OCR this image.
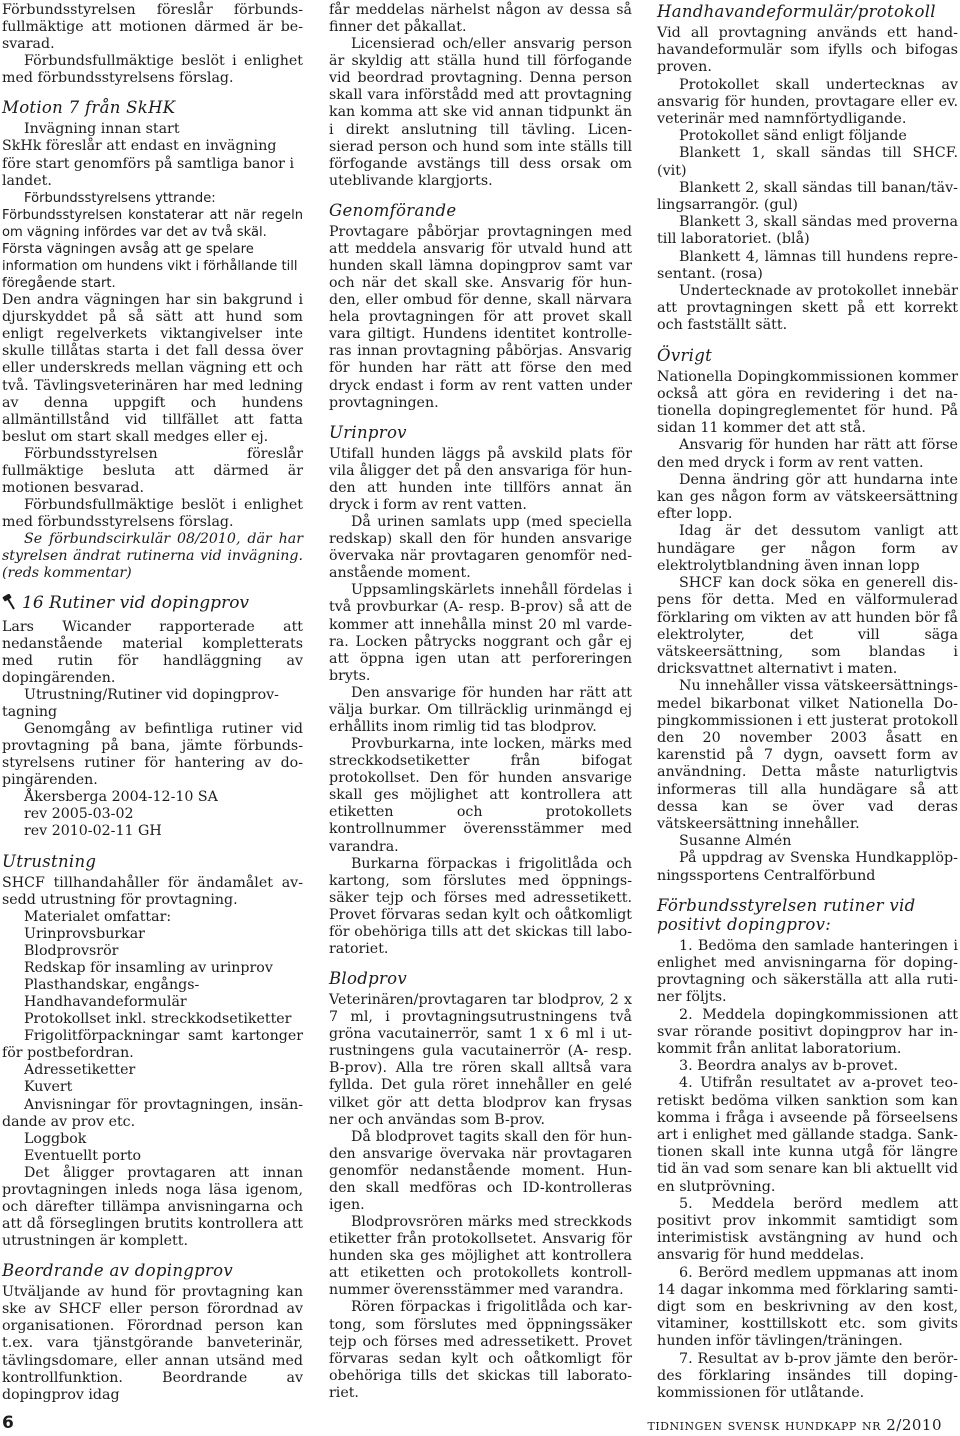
Förbundsstyrelsen föreslår förbundsfullmäktige att motionen därmed är besvarad.

Förbundsfullmäktige beslöt i enlighet med förbundsstyrelsens förslag.

Motion 7 från SkHK

Invägning innan start

SkHk föreslår att endast en invägning före start genomförs på samtliga banor i landet.

Förbundsstyrelsens yttrande:

Förbundsstyrelsen konstaterar att när regeln om vägning infördes var det av två skäl.

Första vägningen avsåg att ge spelare information om hundens vikt i förhållande till föregående start.

Den andra vägningen har sin bakgrund i djurskyddet på så sätt att hund som enligt regelverkets viktangivelser inte skulle tillåtas starta i det fall dessa över eller underskreds mellan vägning ett och två. Tävlingsveterinären har med ledning av denna uppgift och hundens allmäntillstånd vid tillfället att fatta beslut om start skall medges eller ej.

Förbundsstyrelsen föreslår fullmäktige besluta att därmed är motionen besvarad.

Förbundsfullmäktige beslöt i enlighet med förbundsstyrelsens förslag.

Se förbundscirkulär 08/2010, där har styrelsen ändrat rutinerna vid invägning. (reds kommentar)

16 Rutiner vid dopingprov

Lars Wicander rapporterade att nedanstående material kompletterats med rutin för handläggning av dopingärenden.

Utrustning/Rutiner vid dopingprovtagning

Genomgång av befintliga rutiner vid provtagning på bana, jämte förbundsstyrelsens rutiner för hantering av dopingärenden.

Åkersberga 2004-12-10 SA

rev 2005-03-02

rev 2010-02-11 GH

Utrustning

SHCF tillhandahåller för ändamålet avsedd utrustning för provtagning.

Materialet omfattar:

Urinprovsburkar

Blodprovsrör

Redskap för insamling av urinprov

Plasthandskar, engångs-

Handhavandeformulär

Protokollset inkl. streckkodsetiketter

Frigolitförpackningar samt kartonger för postbefordran.

Adressetiketter

Kuvert

Anvisningar för provtagningen, insändande av prov etc.

Loggbok

Eventuellt porto

Det åligger provtagaren att innan provtagningen inleds noga läsa igenom, och därefter tillämpa anvisningarna och att då förseglingen brutits kontrollera att utrustningen är komplett.

Beordrande av dopingprov

Utväljande av hund för provtagning kan ske av SHCF eller person förordnad av organisationen. Förordnad person kan t.ex. vara tjänstgörande banveterinär, tävlingsdomare, eller annan utsänd med kontrollfunktion. Beordrande av dopingprov idag

får meddelas närhelst någon av dessa så finner det påkallat.

Licensierad och/eller ansvarig person är skyldig att ställa hund till förfogande vid beordrad provtagning. Denna person skall vara införstådd med att provtagning kan komma att ske vid annan tidpunkt än i direkt anslutning till tävling. Licensierad person och hund som inte ställs till förfogande avstängs till dess orsak om uteblivande klargjorts.

Genomförande

Provtagare påbörjar provtagningen med att meddela ansvarig för utvald hund att hunden skall lämna dopingprov samt var och när det skall ske. Ansvarig för hunden, eller ombud för denne, skall närvara hela provtagningen för att provet skall vara giltigt. Hundens identitet kontrolleras innan provtagning påbörjas. Ansvarig för hunden har rätt att förse den med dryck endast i form av rent vatten under provtagningen.

Urinprov

Utifall hunden läggs på avskild plats för vila åligger det på den ansvariga för hunden att hunden inte tillförs annat än dryck i form av rent vatten.

Då urinen samlats upp (med speciella redskap) skall den för hunden ansvarige övervaka när provtagaren genomför nedanstående moment.

Uppsamlingskärlets innehåll fördelas i två provburkar (A- resp. B-prov) så att de kommer att innehålla minst 20 ml vardera. Locken påtrycks noggrant och går ej att öppna igen utan att perforeringen bryts.

Den ansvarige för hunden har rätt att välja burkar. Om tillräcklig urinmängd ej erhållits inom rimlig tid tas blodprov.

Provburkarna, inte locken, märks med streckkodsetiketter från bifogat protokollset. Den för hunden ansvarige skall ges möjlighet att kontrollera att etiketten och protokollets kontrollnummer överensstämmer med varandra.

Burkarna förpackas i frigolitlåda och kartong, som förslutes med öppningssäker tejp och förses med adressetikett. Provet förvaras sedan kylt och oåtkomligt för obehöriga tills att det skickas till laboratoriet.

Blodprov

Veterinären/provtagaren tar blodprov, 2 x 7 ml, i provtagningsutrustningens två gröna vacutainerrör, samt 1 x 6 ml i utrustningens gula vacutainerrör (A- resp. B-prov). Alla tre rören skall alltså vara fyllda. Det gula röret innehåller en gelé vilket gör att detta blodprov kan frysas ner och användas som B-prov.

Då blodprovet tagits skall den för hunden ansvarige övervaka när provtagaren genomför nedanstående moment. Hunden skall medföras och ID-kontrolleras igen.

Blodprovsrören märks med streckkods etiketter från protokollsetet. Ansvarig för hunden ska ges möjlighet att kontrollera att etiketten och protokollets kontrollnummer överensstämmer med varandra.

Rören förpackas i frigolitlåda och kartong, som förslutes med öppningssäker tejp och förses med adressetikett. Provet förvaras sedan kylt och oåtkomligt för obehöriga tills det skickas till laboratoriet.

Handhavandeformulär/protokoll

Vid all provtagning används ett handhavandeformulär som ifylls och bifogas proven.

Protokollet skall undertecknas av ansvarig för hunden, provtagare eller ev. veterinär med namnförtydligande.

Protokollet sänd enligt följande

Blankett 1, skall sändas till SHCF. (vit)

Blankett 2, skall sändas till banan/tävlingsarrangör. (gul)

Blankett 3, skall sändas med proverna till laboratoriet. (blå)

Blankett 4, lämnas till hundens representant. (rosa)

Undertecknade av protokollet innebär att provtagningen skett på ett korrekt och fastställt sätt.

Övrigt

Nationella Dopingkommissionen kommer också att göra en revidering i det nationella dopingreglementet för hund. På sidan 11 kommer det att stå.

Ansvarig för hunden har rätt att förse den med dryck i form av rent vatten.

Denna ändring gör att hundarna inte kan ges någon form av vätskeersättning efter lopp.

Idag är det dessutom vanligt att hundägare ger någon form av elektrolytblandning även innan lopp

SHCF kan dock söka en generell dispens för detta. Med en välformulerad förklaring om vikten av att hunden bör få elektrolyter, det vill säga vätskeersättning, som blandas i dricksvattnet alternativt i maten.

Nu innehåller vissa vätskeersättningsmedel bikarbonat vilket Nationella Dopingkommissionen i ett justerat protokoll den 20 november 2003 åsatt en karenstid på 7 dygn, oavsett form av användning. Detta måste naturligtvis informeras till alla hundägare så att dessa kan se över vad deras vätskeersättning innehåller.

Susanne Almén

På uppdrag av Svenska Hundkapplöpningssportens Centralförbund

Förbundsstyrelsen rutiner vid positivt dopingprov:

1. Bedöma den samlade hanteringen i enlighet med anvisningarna för dopingprovtagning och säkerställa att alla rutiner följts.

2. Meddela dopingkommissionen att svar rörande positivt dopingprov har inkommit från anlitat laboratorium.

3. Beordra analys av b-provet.

4. Utifrån resultatet av a-provet teoretiskt bedöma vilken sanktion som kan komma i fråga i avseende på förseelsens art i enlighet med gällande stadga. Sanktionen skall inte kunna utgå för längre tid än vad som senare kan bli aktuellt vid en slutprövning.

5. Meddela berörd medlem att positivt prov inkommit samtidigt som interimistisk avstängning av hund och ansvarig för hund meddelas.

6. Berörd medlem uppmanas att inom 14 dagar inkomma med förklaring samtidigt som en beskrivning av den kost, vitaminer, kosttillskott etc. som givits hunden inför tävlingen/träningen.

7. Resultat av b-prov jämte den berördes förklaring insändes till dopingkommissionen för utlåtande.

6	tidningen svensk hundkapp nr 2/2010
